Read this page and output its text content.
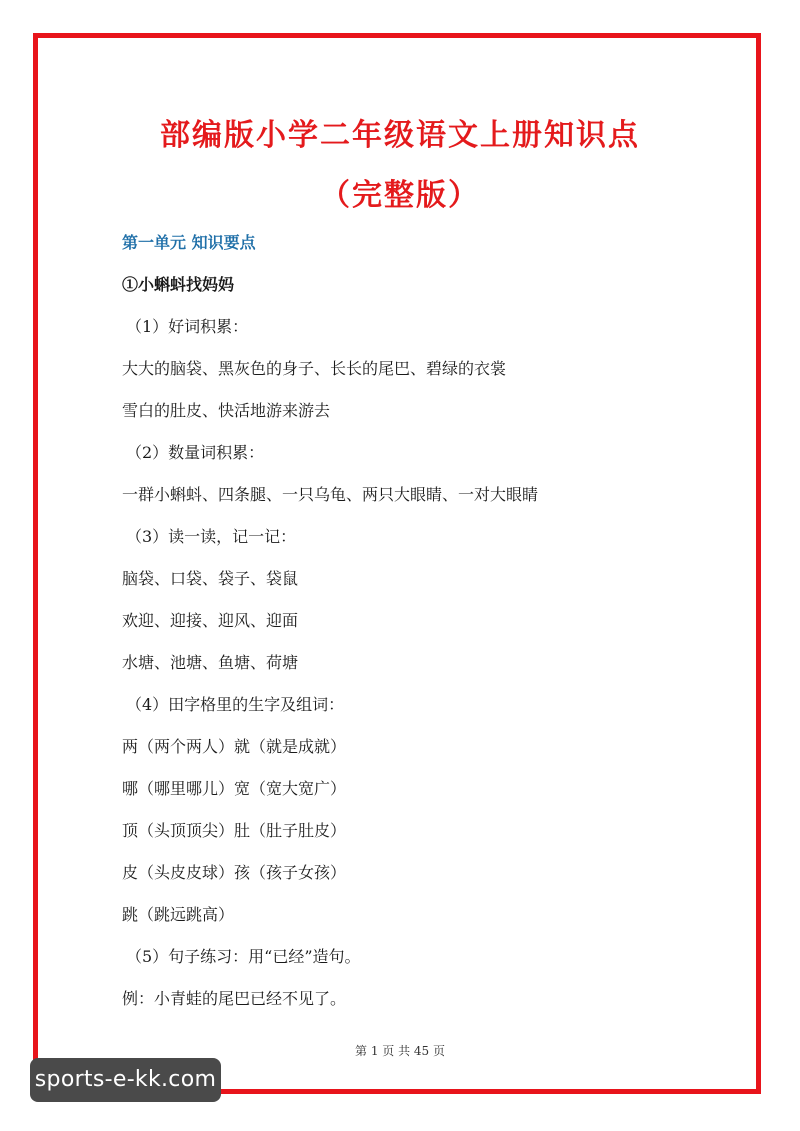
部编版小学二年级语文上册知识点
（完整版）
第一单元 知识要点
①小蝌蚪找妈妈
（1）好词积累：
大大的脑袋、黑灰色的身子、长长的尾巴、碧绿的衣裳
雪白的肚皮、快活地游来游去
（2）数量词积累：
一群小蝌蚪、四条腿、一只乌龟、两只大眼睛、一对大眼睛
（3）读一读，记一记：
脑袋、口袋、袋子、袋鼠
欢迎、迎接、迎风、迎面
水塘、池塘、鱼塘、荷塘
（4）田字格里的生字及组词：
两（两个两人）就（就是成就）
哪（哪里哪儿）宽（宽大宽广）
顶（头顶顶尖）肚（肚子肚皮）
皮（头皮皮球）孩（孩子女孩）
跳（跳远跳高）
（5）句子练习：用“已经”造句。
例：小青蛙的尾巴已经不见了。
第 1 页 共 45 页
sports-e-kk.com
